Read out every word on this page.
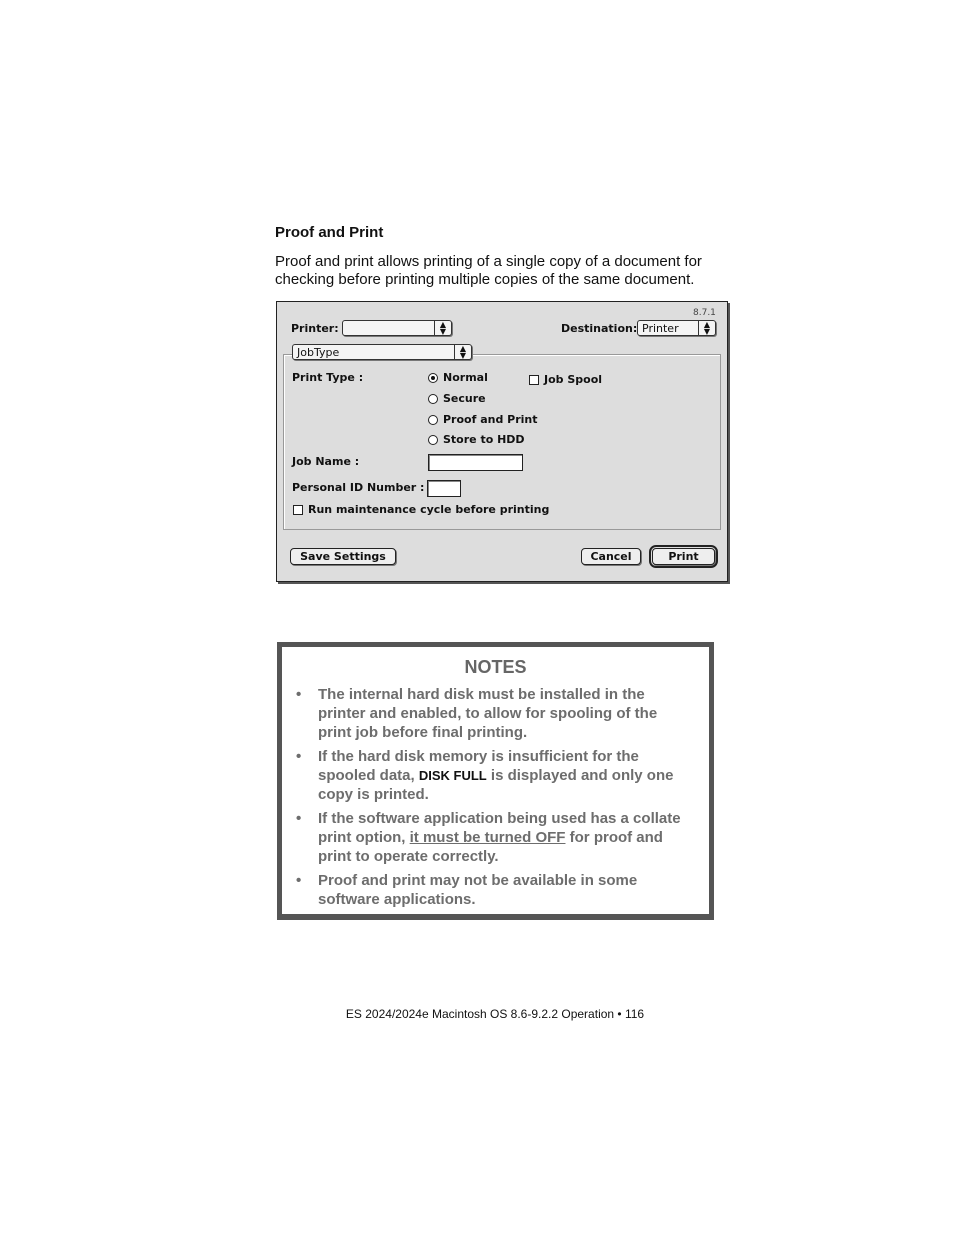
Proof and Print
Proof and print allows printing of a single copy of a document for checking before printing multiple copies of the same document.
8.7.1
Printer:	▲
▼	Destination: Printer	▲
▼
JobType	▲
▼
Print Type :	Normal
Secure
Proof and Print
Store to HDD
Job Spool
Job Name :
Personal ID Number :
Run maintenance cycle before printing
Save Settings	Cancel	Print
NOTES
• The internal hard disk must be installed in the printer and enabled, to allow for spooling of the print job before final printing.
• If the hard disk memory is insufficient for the spooled data, DISK FULL is displayed and only one copy is printed.
• If the software application being used has a collate print option, it must be turned OFF for proof and print to operate correctly.
• Proof and print may not be available in some software applications.
ES 2024/2024e Macintosh OS 8.6-9.2.2 Operation • 116
